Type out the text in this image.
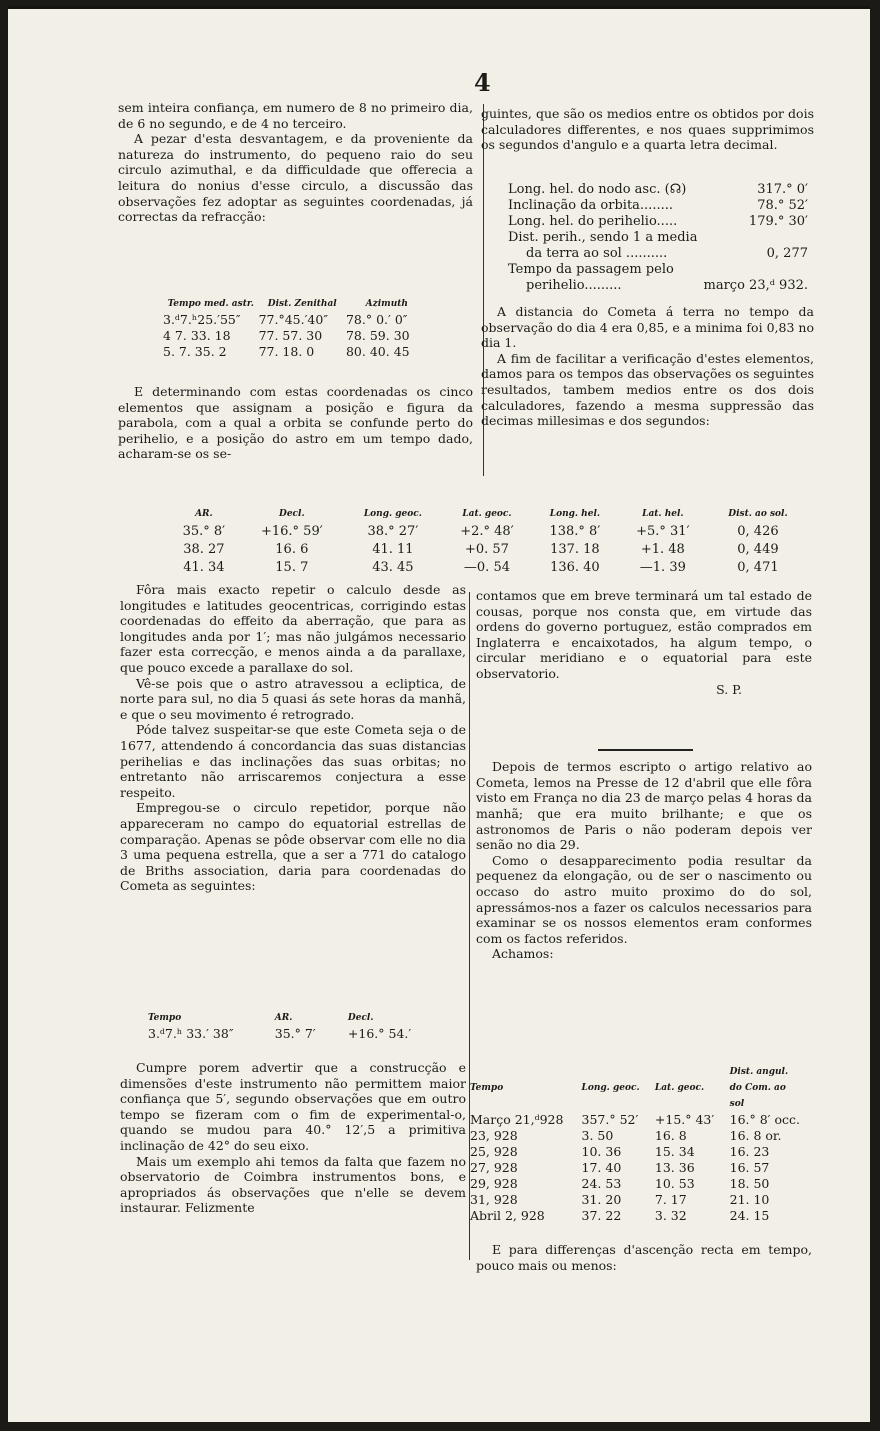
4

sem inteira confiança, em numero de 8 no primeiro dia, de 6 no segundo, e de 4 no terceiro.

A pezar d'esta desvantagem, e da proveniente da natureza do instrumento, do pequeno raio do seu circulo azimuthal, e da difficuldade que offerecia a leitura do nonius d'esse circulo, a discussão das observações fez adoptar as seguintes coordenadas, já correctas da refracção:

Tempo med. astr.	Dist. Zenithal	Azimuth
3.ᵈ7.ʰ25.′55″	77.°45.′40″	78.° 0.′ 0″
4 7. 33. 18	77. 57. 30	78. 59. 30
5. 7. 35. 2	77. 18. 0	80. 40. 45

E determinando com estas coordenadas os cinco elementos que assignam a posição e figura da parabola, com a qual a orbita se confunde perto do perihelio, e a posição do astro em um tempo dado, acharam-se os se-

guintes, que são os medios entre os obtidos por dois calculadores differentes, e nos quaes supprimimos os segundos d'angulo e a quarta letra decimal.

Long. hel. do nodo asc. (☊)	317.° 0′
Inclinação da orbita........	78.° 52′
Long. hel. do perihelio.....	179.° 30′
Dist. perih., sendo 1 a media
da terra ao sol ..........	0, 277
Tempo da passagem pelo
perihelio.........	março 23,ᵈ 932.

A distancia do Cometa á terra no tempo da observação do dia 4 era 0,85, e a minima foi 0,83 no dia 1.

A fim de facilitar a verificação d'estes elementos, damos para os tempos das observações os seguintes resultados, tambem medios entre os dos dois calculadores, fazendo a mesma suppressão das decimas millesimas e dos segundos:

AR.	Decl.	Long. geoc.	Lat. geoc.	Long. hel.	Lat. hel.	Dist. ao sol.
35.° 8′	+16.° 59′	38.° 27′	+2.° 48′	138.° 8′	+5.° 31′	0, 426
38. 27	16. 6	41. 11	+0. 57	137. 18	+1. 48	0, 449
41. 34	15. 7	43. 45	—0. 54	136. 40	—1. 39	0, 471

Fôra mais exacto repetir o calculo desde as longitudes e latitudes geocentricas, corrigindo estas coordenadas do effeito da aberração, que para as longitudes anda por 1′; mas não julgámos necessario fazer esta correcção, e menos ainda a da parallaxe, que pouco excede a parallaxe do sol.

Vê-se pois que o astro atravessou a ecliptica, de norte para sul, no dia 5 quasi ás sete horas da manhã, e que o seu movimento é retrogrado.

Póde talvez suspeitar-se que este Cometa seja o de 1677, attendendo á concordancia das suas distancias perihelias e das inclinações das suas orbitas; no entretanto não arriscaremos conjectura a esse respeito.

Empregou-se o circulo repetidor, porque não appareceram no campo do equatorial estrellas de comparação. Apenas se pôde observar com elle no dia 3 uma pequena estrella, que a ser a 771 do catalogo de Briths association, daria para coordenadas do Cometa as seguintes:

Tempo	AR.	Decl.
3.ᵈ7.ʰ 33.′ 38″	35.° 7′	+16.° 54.′

Cumpre porem advertir que a construcção e dimensões d'este instrumento não permittem maior confiança que 5′, segundo observações que em outro tempo se fizeram com o fim de experimental-o, quando se mudou para 40.° 12′,5 a primitiva inclinação de 42° do seu eixo.

Mais um exemplo ahi temos da falta que fazem no observatorio de Coimbra instrumentos bons, e apropriados ás observações que n'elle se devem instaurar. Felizmente

contamos que em breve terminará um tal estado de cousas, porque nos consta que, em virtude das ordens do governo portuguez, estão comprados em Inglaterra e encaixotados, ha algum tempo, o circular meridiano e o equatorial para este observatorio.

S. P.

Depois de termos escripto o artigo relativo ao Cometa, lemos na Presse de 12 d'abril que elle fôra visto em França no dia 23 de março pelas 4 horas da manhã; que era muito brilhante; e que os astronomos de Paris o não poderam depois ver senão no dia 29.

Como o desapparecimento podia resultar da pequenez da elongação, ou de ser o nascimento ou occaso do astro muito proximo do do sol, apressámos-nos a fazer os calculos necessarios para examinar se os nossos elementos eram conformes com os factos referidos.

Achamos:

Tempo	Long. geoc.	Lat. geoc.	Dist. angul. do Com. ao sol
Março 21,ᵈ928	357.° 52′	+15.° 43′	16.° 8′ occ.
23, 928	3. 50	16. 8	16. 8 or.
25, 928	10. 36	15. 34	16. 23
27, 928	17. 40	13. 36	16. 57
29, 928	24. 53	10. 53	18. 50
31, 928	31. 20	7. 17	21. 10
Abril 2, 928	37. 22	3. 32	24. 15

E para differenças d'ascenção recta em tempo, pouco mais ou menos:
